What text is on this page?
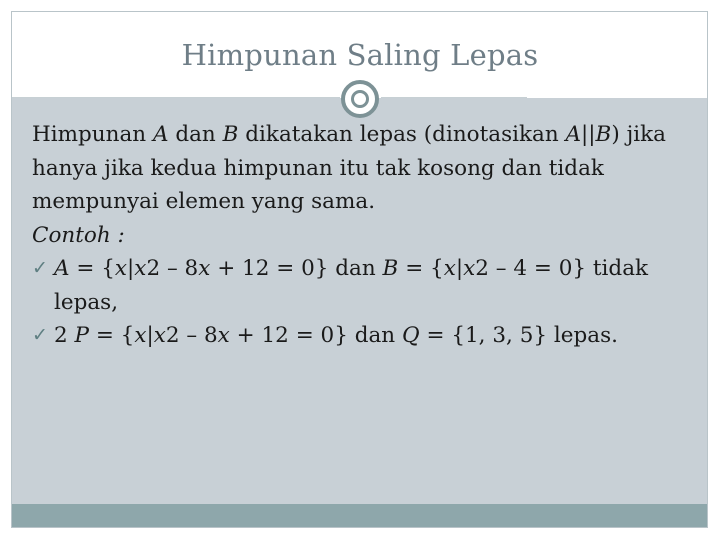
Himpunan Saling Lepas

Himpunan A dan B dikatakan lepas (dinotasikan A||B) jika hanya jika kedua himpunan itu tak kosong dan tidak mempunyai elemen yang sama.

Contoh :

✓ A = {x|x2 – 8x + 12 = 0} dan B = {x|x2 – 4 = 0} tidak lepas,

✓ 2 P = {x|x2 – 8x + 12 = 0} dan Q = {1, 3, 5} lepas.
